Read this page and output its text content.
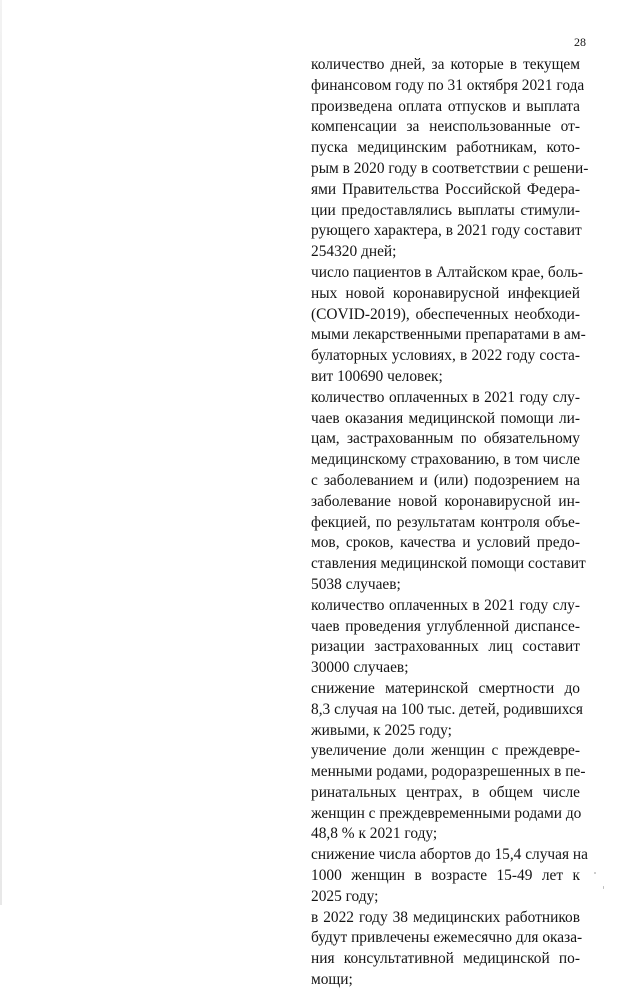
28
количество дней, за которые в текущем
финансовом году по 31 октября 2021 года
произведена оплата отпусков и выплата
компенсации за неиспользованные от-
пуска медицинским работникам, кото-
рым в 2020 году в соответствии с решени-
ями Правительства Российской Федера-
ции предоставлялись выплаты стимули-
рующего характера, в 2021 году составит
254320 дней;
число пациентов в Алтайском крае, боль-
ных новой коронавирусной инфекцией
(COVID-2019), обеспеченных необходи-
мыми лекарственными препаратами в ам-
булаторных условиях, в 2022 году соста-
вит 100690 человек;
количество оплаченных в 2021 году слу-
чаев оказания медицинской помощи ли-
цам, застрахованным по обязательному
медицинскому страхованию, в том числе
с заболеванием и (или) подозрением на
заболевание новой коронавирусной ин-
фекцией, по результатам контроля объе-
мов, сроков, качества и условий предо-
ставления медицинской помощи составит
5038 случаев;
количество оплаченных в 2021 году слу-
чаев проведения углубленной диспансе-
ризации застрахованных лиц составит
30000 случаев;
снижение материнской смертности до
8,3 случая на 100 тыс. детей, родившихся
живыми, к 2025 году;
увеличение доли женщин с преждевре-
менными родами, родоразрешенных в пе-
ринатальных центрах, в общем числе
женщин с преждевременными родами до
48,8 % к 2021 году;
снижение числа абортов до 15,4 случая на
1000 женщин в возрасте 15-49 лет к
2025 году;
в 2022 году 38 медицинских работников
будут привлечены ежемесячно для оказа-
ния консультативной медицинской по-
мощи;
